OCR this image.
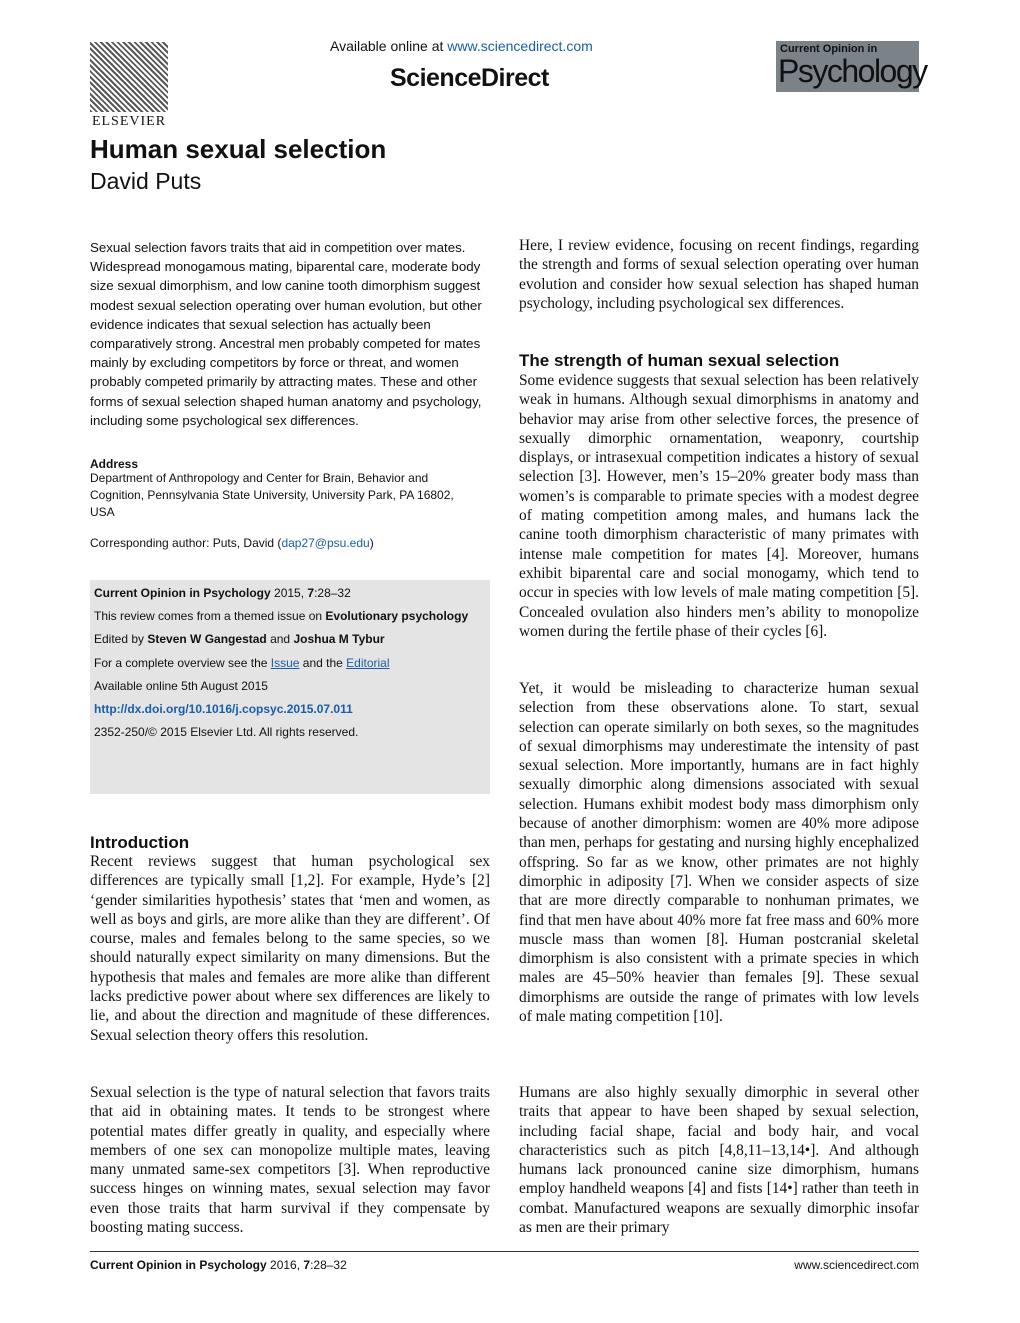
ELSEVIER
Available online at www.sciencedirect.com
ScienceDirect
Current Opinion in
Psychology
Human sexual selection
David Puts
Sexual selection favors traits that aid in competition over mates. Widespread monogamous mating, biparental care, moderate body size sexual dimorphism, and low canine tooth dimorphism suggest modest sexual selection operating over human evolution, but other evidence indicates that sexual selection has actually been comparatively strong. Ancestral men probably competed for mates mainly by excluding competitors by force or threat, and women probably competed primarily by attracting mates. These and other forms of sexual selection shaped human anatomy and psychology, including some psychological sex differences.
Address
Department of Anthropology and Center for Brain, Behavior and Cognition, Pennsylvania State University, University Park, PA 16802, USA
Corresponding author: Puts, David (dap27@psu.edu)
Current Opinion in Psychology 2015, 7:28–32
This review comes from a themed issue on Evolutionary psychology
Edited by Steven W Gangestad and Joshua M Tybur
For a complete overview see the Issue and the Editorial
Available online 5th August 2015
http://dx.doi.org/10.1016/j.copsyc.2015.07.011
2352-250/© 2015 Elsevier Ltd. All rights reserved.
Introduction
Recent reviews suggest that human psychological sex differences are typically small [1,2]. For example, Hyde’s [2] ‘gender similarities hypothesis’ states that ‘men and women, as well as boys and girls, are more alike than they are different’. Of course, males and females belong to the same species, so we should naturally expect similarity on many dimensions. But the hypothesis that males and females are more alike than different lacks predictive power about where sex differences are likely to lie, and about the direction and magnitude of these differences. Sexual selection theory offers this resolution.
Sexual selection is the type of natural selection that favors traits that aid in obtaining mates. It tends to be strongest where potential mates differ greatly in quality, and especially where members of one sex can monopolize multiple mates, leaving many unmated same-sex competitors [3]. When reproductive success hinges on winning mates, sexual selection may favor even those traits that harm survival if they compensate by boosting mating success.
Here, I review evidence, focusing on recent findings, regarding the strength and forms of sexual selection operating over human evolution and consider how sexual selection has shaped human psychology, including psychological sex differences.
The strength of human sexual selection
Some evidence suggests that sexual selection has been relatively weak in humans. Although sexual dimorphisms in anatomy and behavior may arise from other selective forces, the presence of sexually dimorphic ornamentation, weaponry, courtship displays, or intrasexual competition indicates a history of sexual selection [3]. However, men’s 15–20% greater body mass than women’s is comparable to primate species with a modest degree of mating competition among males, and humans lack the canine tooth dimorphism characteristic of many primates with intense male competition for mates [4]. Moreover, humans exhibit biparental care and social monogamy, which tend to occur in species with low levels of male mating competition [5]. Concealed ovulation also hinders men’s ability to monopolize women during the fertile phase of their cycles [6].
Yet, it would be misleading to characterize human sexual selection from these observations alone. To start, sexual selection can operate similarly on both sexes, so the magnitudes of sexual dimorphisms may underestimate the intensity of past sexual selection. More importantly, humans are in fact highly sexually dimorphic along dimensions associated with sexual selection. Humans exhibit modest body mass dimorphism only because of another dimorphism: women are 40% more adipose than men, perhaps for gestating and nursing highly encephalized offspring. So far as we know, other primates are not highly dimorphic in adiposity [7]. When we consider aspects of size that are more directly comparable to nonhuman primates, we find that men have about 40% more fat free mass and 60% more muscle mass than women [8]. Human postcranial skeletal dimorphism is also consistent with a primate species in which males are 45–50% heavier than females [9]. These sexual dimorphisms are outside the range of primates with low levels of male mating competition [10].
Humans are also highly sexually dimorphic in several other traits that appear to have been shaped by sexual selection, including facial shape, facial and body hair, and vocal characteristics such as pitch [4,8,11–13,14•]. And although humans lack pronounced canine size dimorphism, humans employ handheld weapons [4] and fists [14•] rather than teeth in combat. Manufactured weapons are sexually dimorphic insofar as men are their primary
Current Opinion in Psychology 2016, 7:28–32	www.sciencedirect.com
